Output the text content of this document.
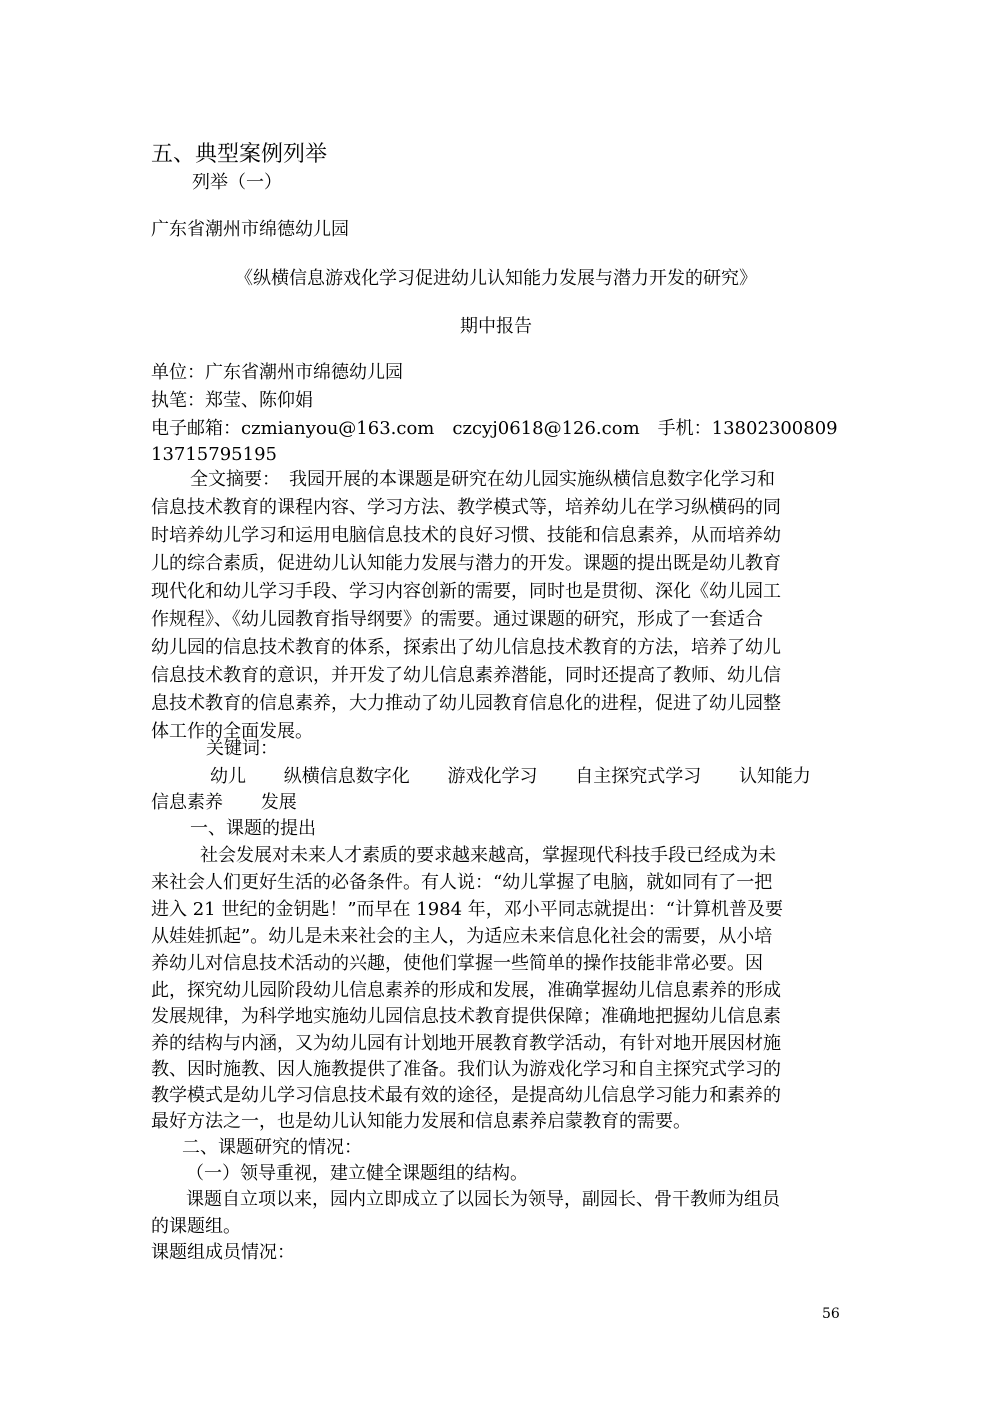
五、典型案例列举
列举（一）
广东省潮州市绵德幼儿园
《纵横信息游戏化学习促进幼儿认知能力发展与潜力开发的研究》
期中报告
单位：广东省潮州市绵德幼儿园
执笔：郑莹、陈仰娟
电子邮箱：czmianyou@163.com　czcyj0618@126.com　手机：13802300809
13715795195
全文摘要：　我园开展的本课题是研究在幼儿园实施纵横信息数字化学习和
信息技术教育的课程内容、学习方法、教学模式等，培养幼儿在学习纵横码的同
时培养幼儿学习和运用电脑信息技术的良好习惯、技能和信息素养，从而培养幼
儿的综合素质，促进幼儿认知能力发展与潜力的开发。课题的提出既是幼儿教育
现代化和幼儿学习手段、学习内容创新的需要，同时也是贯彻、深化《幼儿园工
作规程》、《幼儿园教育指导纲要》的需要。通过课题的研究，形成了一套适合
幼儿园的信息技术教育的体系，探索出了幼儿信息技术教育的方法，培养了幼儿
信息技术教育的意识，并开发了幼儿信息素养潜能，同时还提高了教师、幼儿信
息技术教育的信息素养，大力推动了幼儿园教育信息化的进程，促进了幼儿园整
体工作的全面发展。
关键词：
幼儿 纵横信息数字化 游戏化学习 自主探究式学习 认知能力
信息素养 发展
一、课题的提出
社会发展对未来人才素质的要求越来越高，掌握现代科技手段已经成为未
来社会人们更好生活的必备条件。有人说：“幼儿掌握了电脑，就如同有了一把
进入 21 世纪的金钥匙！”而早在 1984 年，邓小平同志就提出：“计算机普及要
从娃娃抓起”。幼儿是未来社会的主人，为适应未来信息化社会的需要，从小培
养幼儿对信息技术活动的兴趣，使他们掌握一些简单的操作技能非常必要。因
此，探究幼儿园阶段幼儿信息素养的形成和发展，准确掌握幼儿信息素养的形成
发展规律，为科学地实施幼儿园信息技术教育提供保障；准确地把握幼儿信息素
养的结构与内涵，又为幼儿园有计划地开展教育教学活动，有针对地开展因材施
教、因时施教、因人施教提供了准备。我们认为游戏化学习和自主探究式学习的
教学模式是幼儿学习信息技术最有效的途径，是提高幼儿信息学习能力和素养的
最好方法之一，也是幼儿认知能力发展和信息素养启蒙教育的需要。
二、课题研究的情况：
（一）领导重视，建立健全课题组的结构。
课题自立项以来，园内立即成立了以园长为领导，副园长、骨干教师为组员
的课题组。
课题组成员情况：
56
